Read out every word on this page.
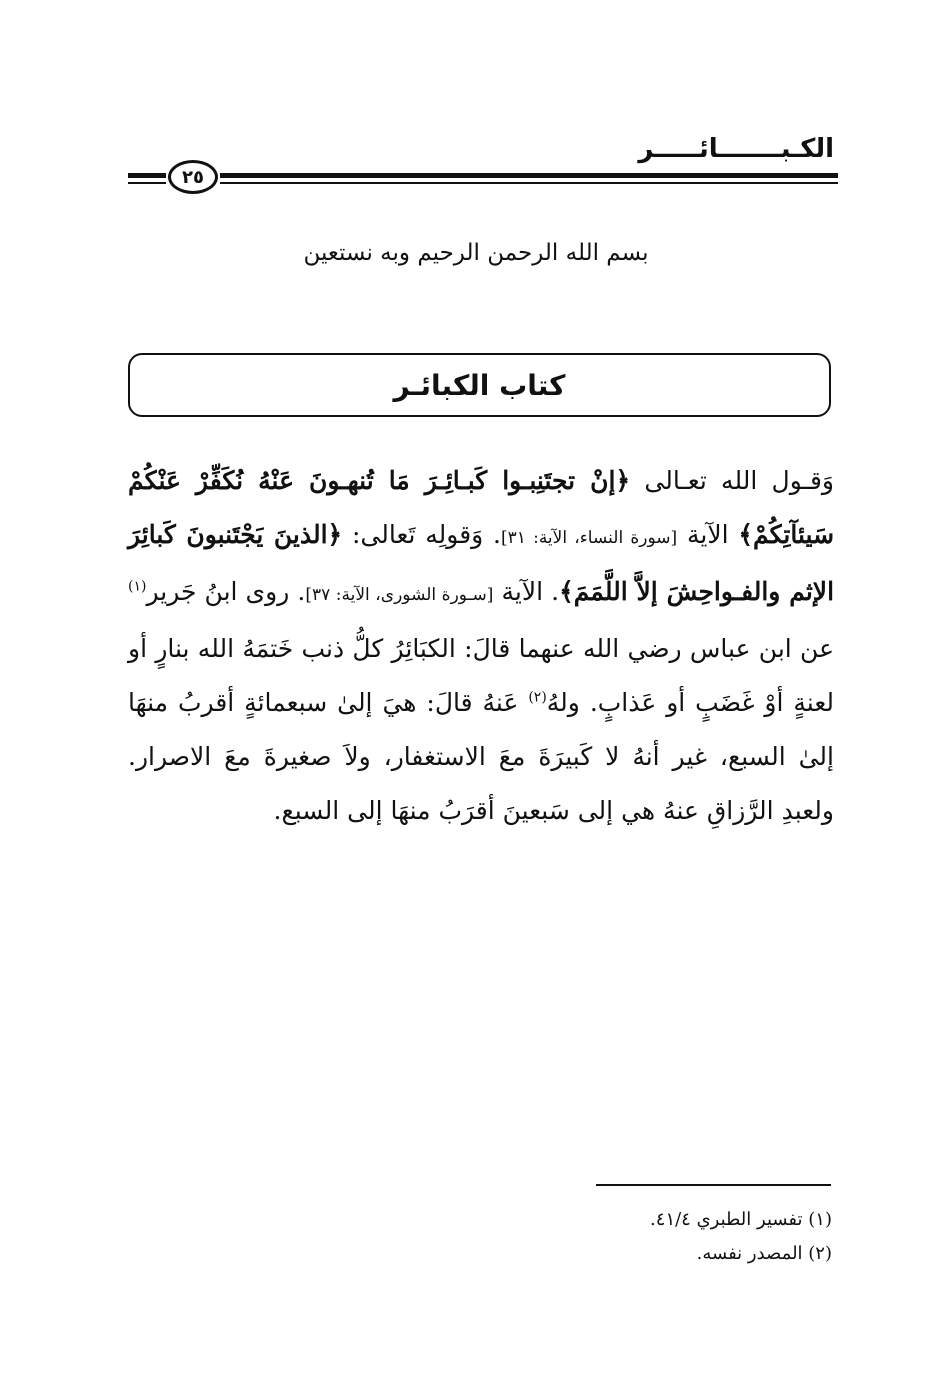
الكـبـــــــائـــــر
٢٥
بسم الله الرحمن الرحيم وبه نستعين
كتاب الكبائـر
وَقـول الله تعـالى ﴿إنْ تجتَنِبـوا كَبـائِـرَ مَا تُنهـونَ عَنْهُ نُكَفِّرْ عَنْكُمْ سَيئآتِكُمْ﴾ الآية [سورة النساء، الآية: ٣١]. وَقولِه تَعالى: ﴿الذينَ يَجْتَنبونَ كَبائِرَ الإثم والفـواحِشَ إلاَّ اللَّمَمَ﴾. الآية [سـورة الشورى، الآية: ٣٧]. روى ابنُ جَرير$^{(١)}$ عن ابن عباس رضي الله عنهما قالَ: الكبَائِرُ كلُّ ذنب خَتمَهُ الله بنارٍ أو لعنةٍ أوْ غَضَبٍ أو عَذابٍ. ولهُ$^{(٢)}$ عَنهُ قالَ: هيَ إلىٰ سبعمائةٍ أقربُ منهَا إلىٰ السبع، غير أنهُ لا كَبيرَةَ معَ الاستغفار، ولاَ صغيرةَ معَ الاصرار. ولعبدِ الرَّزاقِ عنهُ هي إلى سَبعينَ أقرَبُ منهَا إلى السبع.
(١) تفسير الطبري ٤١/٤.
(٢) المصدر نفسه.
